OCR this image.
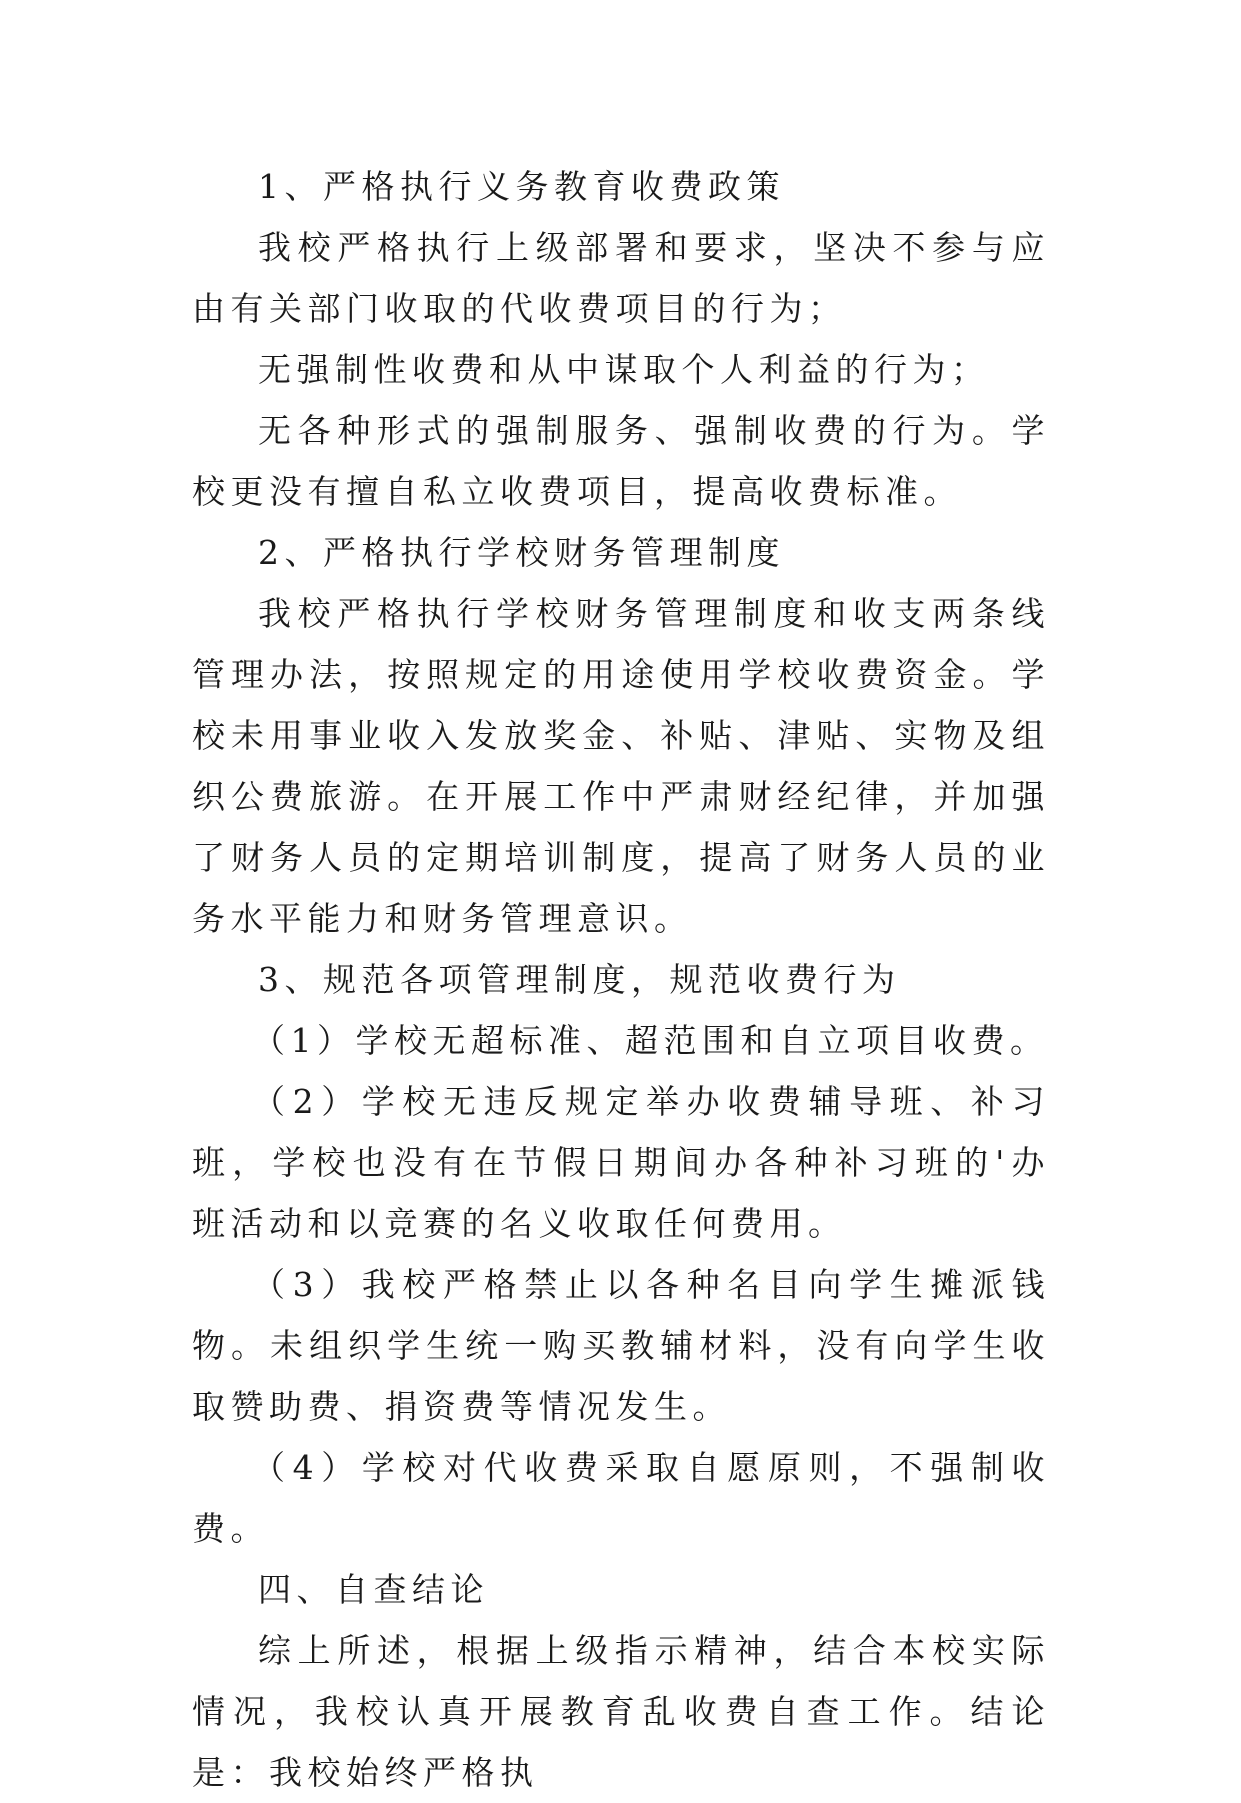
1、严格执行义务教育收费政策

我校严格执行上级部署和要求，坚决不参与应由有关部门收取的代收费项目的行为；

无强制性收费和从中谋取个人利益的行为；

无各种形式的强制服务、强制收费的行为。学校更没有擅自私立收费项目，提高收费标准。

2、严格执行学校财务管理制度

我校严格执行学校财务管理制度和收支两条线管理办法，按照规定的用途使用学校收费资金。学校未用事业收入发放奖金、补贴、津贴、实物及组织公费旅游。在开展工作中严肃财经纪律，并加强了财务人员的定期培训制度，提高了财务人员的业务水平能力和财务管理意识。

3、规范各项管理制度，规范收费行为

（1）学校无超标准、超范围和自立项目收费。

（2）学校无违反规定举办收费辅导班、补习班，学校也没有在节假日期间办各种补习班的'办班活动和以竞赛的名义收取任何费用。

（3）我校严格禁止以各种名目向学生摊派钱物。未组织学生统一购买教辅材料，没有向学生收取赞助费、捐资费等情况发生。

（4）学校对代收费采取自愿原则，不强制收费。

四、自查结论

综上所述，根据上级指示精神，结合本校实际情况，我校认真开展教育乱收费自查工作。结论是：我校始终严格执
